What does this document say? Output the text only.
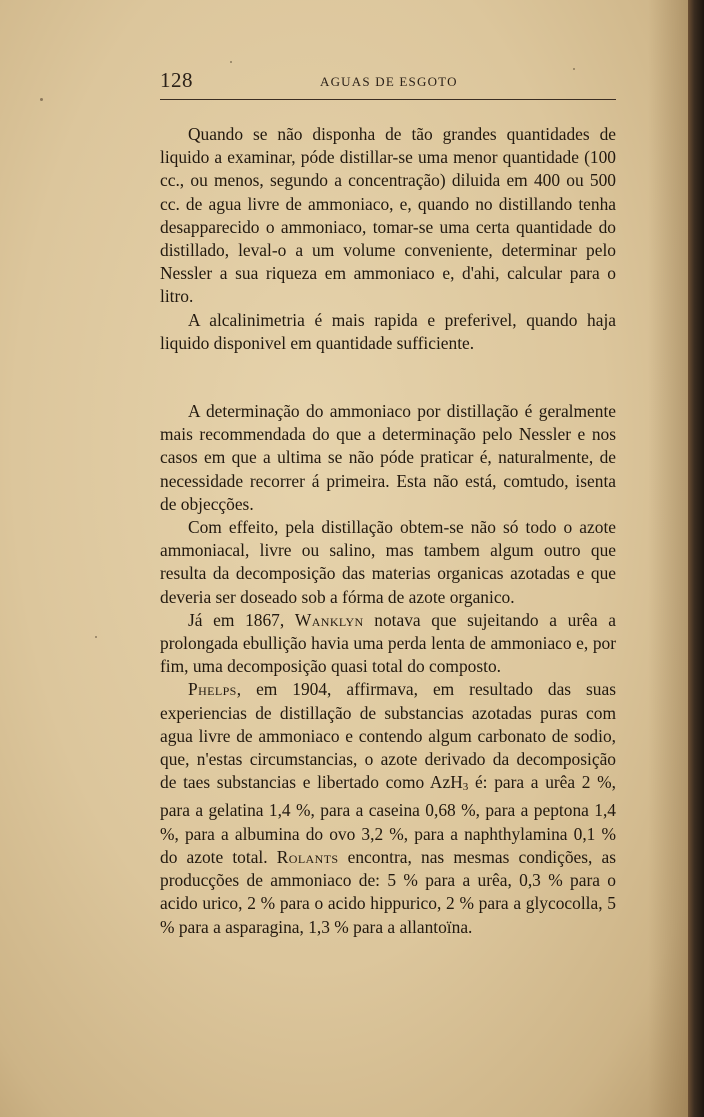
128	AGUAS DE ESGOTO

Quando se não disponha de tão grandes quantidades de liquido a examinar, póde distillar-se uma menor quantidade (100 cc., ou menos, segundo a concentração) diluida em 400 ou 500 cc. de agua livre de ammoniaco, e, quando no distillando tenha desapparecido o ammoniaco, tomar-se uma certa quantidade do distillado, leval-o a um volume conveniente, determinar pelo Nessler a sua riqueza em ammoniaco e, d'ahi, calcular para o litro.

A alcalinimetria é mais rapida e preferivel, quando haja liquido disponivel em quantidade sufficiente.

A determinação do ammoniaco por distillação é geralmente mais recommendada do que a determinação pelo Nessler e nos casos em que a ultima se não póde praticar é, naturalmente, de necessidade recorrer á primeira. Esta não está, comtudo, isenta de objecções.

Com effeito, pela distillação obtem-se não só todo o azote ammoniacal, livre ou salino, mas tambem algum outro que resulta da decomposição das materias organicas azotadas e que deveria ser doseado sob a fórma de azote organico.

Já em 1867, Wanklyn notava que sujeitando a urêa a prolongada ebullição havia uma perda lenta de ammoniaco e, por fim, uma decomposição quasi total do composto.

Phelps, em 1904, affirmava, em resultado das suas experiencias de distillação de substancias azotadas puras com agua livre de ammoniaco e contendo algum carbonato de sodio, que, n'estas circumstancias, o azote derivado da decomposição de taes substancias e libertado como AzH3 é: para a urêa 2 %, para a gelatina 1,4 %, para a caseina 0,68 %, para a peptona 1,4 %, para a albumina do ovo 3,2 %, para a naphthylamina 0,1 % do azote total. Rolants encontra, nas mesmas condições, as producções de ammoniaco de: 5 % para a urêa, 0,3 % para o acido urico, 2 % para o acido hippurico, 2 % para a glycocolla, 5 % para a asparagina, 1,3 % para a allantoïna.
